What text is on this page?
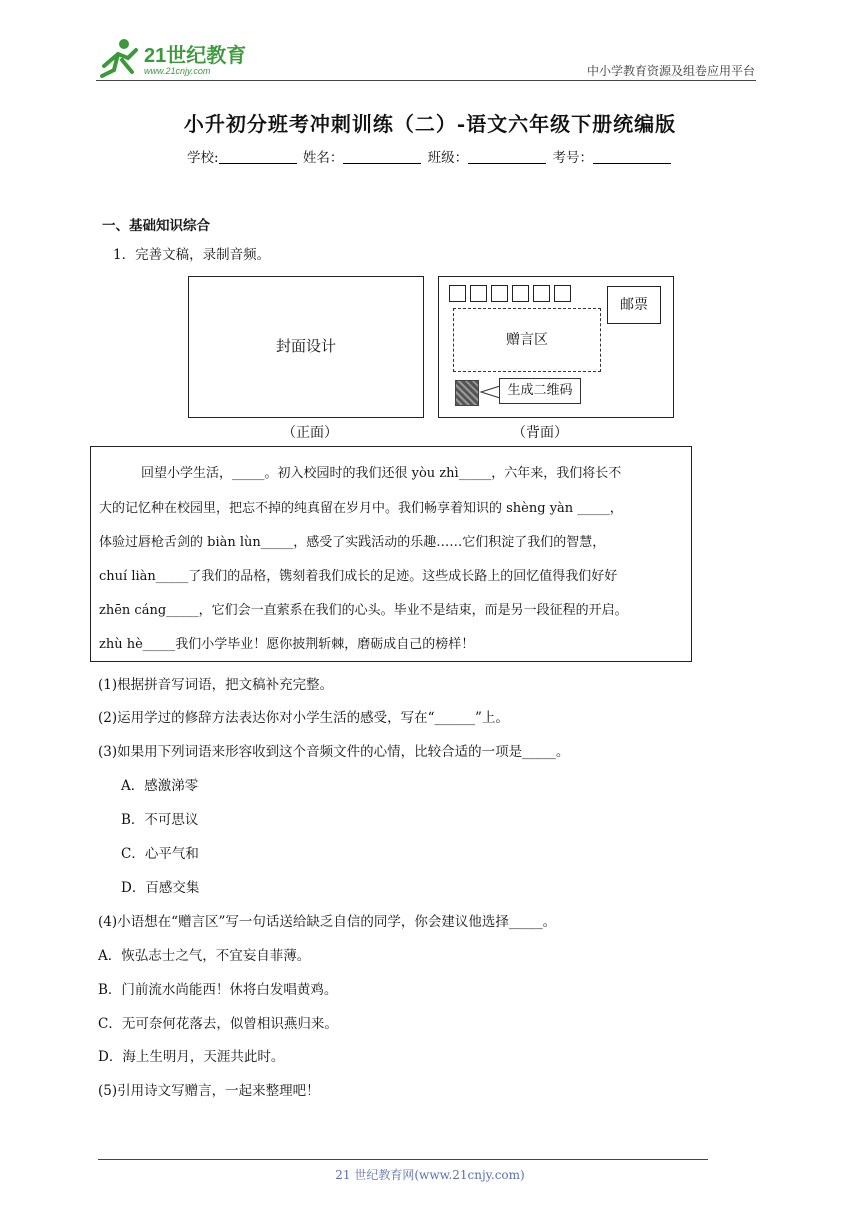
21世纪教育
www.21cnjy.com	中小学教育资源及组卷应用平台
小升初分班考冲刺训练（二）-语文六年级下册统编版
学校:	姓名：	班级：	考号：
一、基础知识综合
1．完善文稿，录制音频。
封面设计
（正面）
邮票
赠言区
生成二维码
（背面）
回望小学生活，_____。初入校园时的我们还很 yòu zhì_____，六年来，我们将长不
大的记忆种在校园里，把忘不掉的纯真留在岁月中。我们畅享着知识的 shèng yàn _____，
体验过唇枪舌剑的 biàn lùn_____，感受了实践活动的乐趣……它们积淀了我们的智慧，
chuí liàn_____了我们的品格，镌刻着我们成长的足迹。这些成长路上的回忆值得我们好好
zhēn cáng_____，它们会一直萦系在我们的心头。毕业不是结束，而是另一段征程的开启。
zhù hè_____我们小学毕业！愿你披荆斩棘，磨砺成自己的榜样！
(1)根据拼音写词语，把文稿补充完整。
(2)运用学过的修辞方法表达你对小学生活的感受，写在“______”上。
(3)如果用下列词语来形容收到这个音频文件的心情，比较合适的一项是_____。
A．感激涕零
B．不可思议
C．心平气和
D．百感交集
(4)小语想在“赠言区”写一句话送给缺乏自信的同学，你会建议他选择_____。
A．恢弘志士之气，不宜妄自菲薄。
B．门前流水尚能西！休将白发唱黄鸡。
C．无可奈何花落去，似曾相识燕归来。
D．海上生明月，天涯共此时。
(5)引用诗文写赠言，一起来整理吧！
21 世纪教育网(www.21cnjy.com)
